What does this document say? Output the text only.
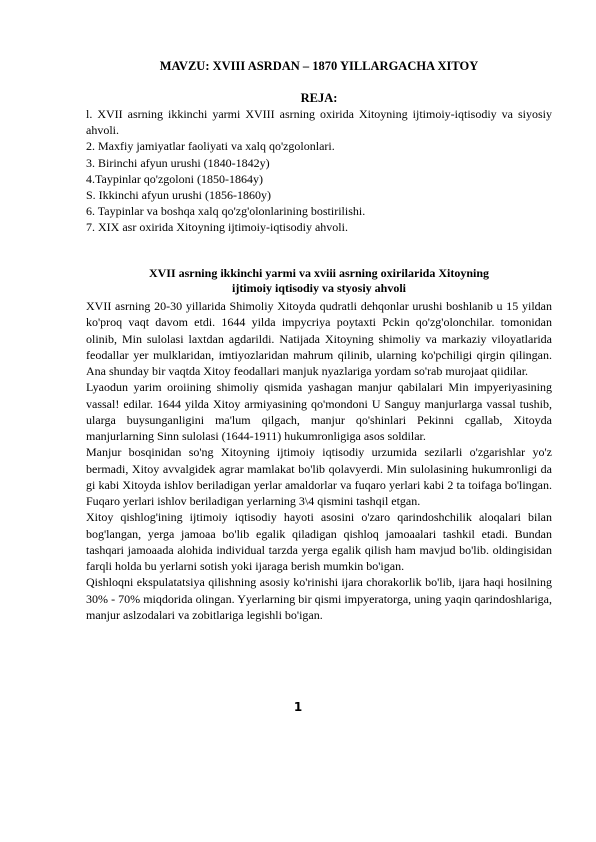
MAVZU: XVIII ASRDAN – 1870 YILLARGACHA XITOY
REJA:
l. XVII asrning ikkinchi yarmi XVIII asrning oxirida Xitoyning ijtimoiy-iqtisodiy va siyosiy ahvoli.
2. Maxfiy jamiyatlar faoliyati va xalq qo'zgolonlari.
3. Birinchi afyun urushi (1840-1842y)
4.Taypinlar qo'zgoloni (1850-1864y)
S. Ikkinchi afyun urushi (1856-1860y)
6. Taypinlar va boshqa xalq qo'zg'olonlarining bostirilishi.
7. XIX asr oxirida Xitoyning ijtimoiy-iqtisodiy ahvoli.
XVII asrning ikkinchi yarmi va xviii asrning oxirilarida Xitoyning
ijtimoiy iqtisodiy va styosiy ahvoli

XVII asrning 20-30 yillarida Shimoliy Xitoyda qudratli dehqonlar urushi boshlanib u 15 yildan ko'proq vaqt davom etdi. 1644 yilda impycriya poytaxti Pckin qo'zg'olonchilar. tomonidan olinib, Min sulolasi laxtdan agdarildi. Natijada Xitoyning shimoliy va markaziy viloyatlarida feodallar yer mulklaridan, imtiyozlaridan mahrum qilinib, ularning ko'pchiligi qirgin qilingan. Ana shunday bir vaqtda Xitoy feodallari manjuk nyazlariga yordam so'rab murojaat qiidilar.

Lyaodun yarim oroiining shimoliy qismida yashagan manjur qabilalari Min impyeriyasining vassal! edilar. 1644 yilda Xitoy armiyasining qo'mondoni U Sanguy manjurlarga vassal tushib, ularga buysunganligini ma'lum qilgach, manjur qo'shinlari Pekinni cgallab, Xitoyda manjurlarning Sinn sulolasi (1644-1911) hukumronligiga asos soldilar.

Manjur bosqinidan so'ng Xitoyning ijtimoiy iqtisodiy urzumida sezilarli o'zgarishlar yo'z bermadi, Xitoy avvalgidek agrar mamlakat bo'lib qolavyerdi. Min sulolasining hukumronligi da gi kabi Xitoyda ishlov beriladigan yerlar amaldorlar va fuqaro yerlari kabi 2 ta toifaga bo'lingan. Fuqaro yerlari ishlov beriladigan yerlarning 3\4 qismini tashqil etgan.

Xitoy qishlog'ining ijtimoiy iqtisodiy hayoti asosini o'zaro qarindoshchilik aloqalari bilan bog'langan, yerga jamoaa bo'lib egalik qiladigan qishloq jamoaalari tashkil etadi. Bundan tashqari jamoaada alohida individual tarzda yerga egalik qilish ham mavjud bo'lib. oldingisidan farqli holda bu yerlarni sotish yoki ijaraga berish mumkin bo'igan.

Qishloqni ekspulatatsiya qilishning asosiy ko'rinishi ijara chorakorlik bo'lib, ijara haqi hosilning 30% - 70% miqdorida olingan. Yyerlarning bir qismi impyeratorga, uning yaqin qarindoshlariga, manjur aslzodalari va zobitlariga legishli bo'igan.

1
